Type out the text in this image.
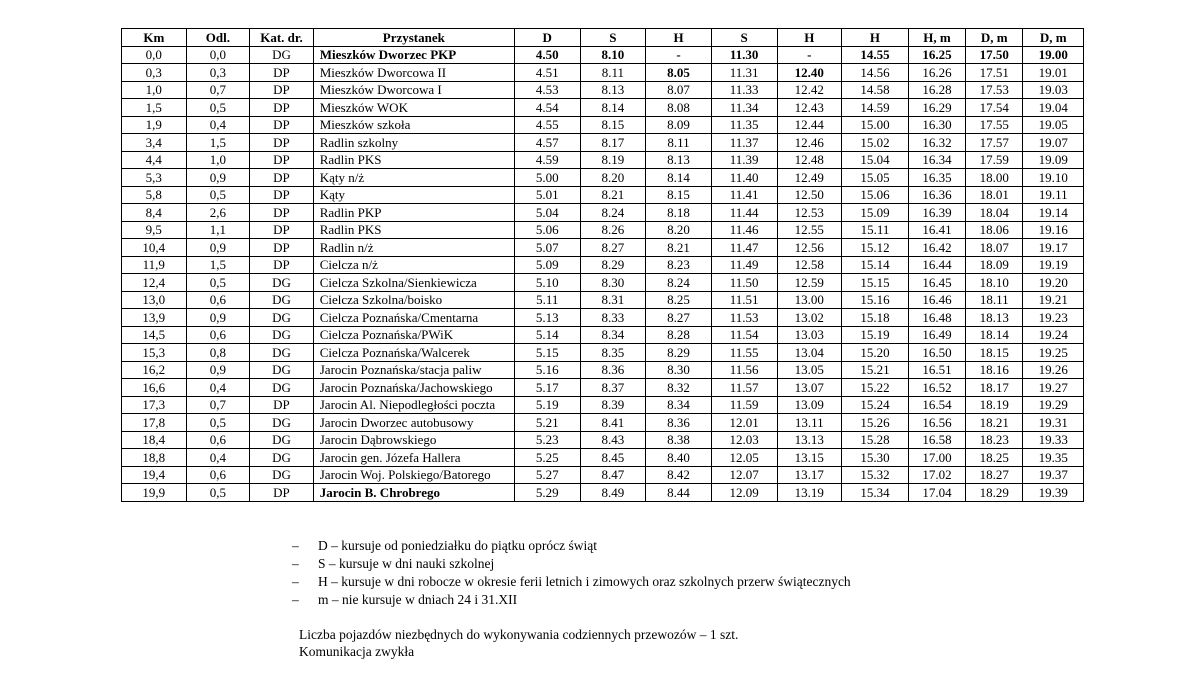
Km	Odl.	Kat. dr.	Przystanek	D	S	H	S	H	H	H, m	D, m	D, m
0,0	0,0	DG	Mieszków Dworzec PKP	4.50	8.10	-	11.30	-	14.55	16.25	17.50	19.00
0,3	0,3	DP	Mieszków Dworcowa II	4.51	8.11	8.05	11.31	12.40	14.56	16.26	17.51	19.01
1,0	0,7	DP	Mieszków Dworcowa I	4.53	8.13	8.07	11.33	12.42	14.58	16.28	17.53	19.03
1,5	0,5	DP	Mieszków WOK	4.54	8.14	8.08	11.34	12.43	14.59	16.29	17.54	19.04
1,9	0,4	DP	Mieszków szkoła	4.55	8.15	8.09	11.35	12.44	15.00	16.30	17.55	19.05
3,4	1,5	DP	Radlin szkolny	4.57	8.17	8.11	11.37	12.46	15.02	16.32	17.57	19.07
4,4	1,0	DP	Radlin PKS	4.59	8.19	8.13	11.39	12.48	15.04	16.34	17.59	19.09
5,3	0,9	DP	Kąty n/ż	5.00	8.20	8.14	11.40	12.49	15.05	16.35	18.00	19.10
5,8	0,5	DP	Kąty	5.01	8.21	8.15	11.41	12.50	15.06	16.36	18.01	19.11
8,4	2,6	DP	Radlin PKP	5.04	8.24	8.18	11.44	12.53	15.09	16.39	18.04	19.14
9,5	1,1	DP	Radlin PKS	5.06	8.26	8.20	11.46	12.55	15.11	16.41	18.06	19.16
10,4	0,9	DP	Radlin n/ż	5.07	8.27	8.21	11.47	12.56	15.12	16.42	18.07	19.17
11,9	1,5	DP	Cielcza n/ż	5.09	8.29	8.23	11.49	12.58	15.14	16.44	18.09	19.19
12,4	0,5	DG	Cielcza Szkolna/Sienkiewicza	5.10	8.30	8.24	11.50	12.59	15.15	16.45	18.10	19.20
13,0	0,6	DG	Cielcza Szkolna/boisko	5.11	8.31	8.25	11.51	13.00	15.16	16.46	18.11	19.21
13,9	0,9	DG	Cielcza Poznańska/Cmentarna	5.13	8.33	8.27	11.53	13.02	15.18	16.48	18.13	19.23
14,5	0,6	DG	Cielcza Poznańska/PWiK	5.14	8.34	8.28	11.54	13.03	15.19	16.49	18.14	19.24
15,3	0,8	DG	Cielcza Poznańska/Walcerek	5.15	8.35	8.29	11.55	13.04	15.20	16.50	18.15	19.25
16,2	0,9	DG	Jarocin Poznańska/stacja paliw	5.16	8.36	8.30	11.56	13.05	15.21	16.51	18.16	19.26
16,6	0,4	DG	Jarocin Poznańska/Jachowskiego	5.17	8.37	8.32	11.57	13.07	15.22	16.52	18.17	19.27
17,3	0,7	DP	Jarocin Al. Niepodległości poczta	5.19	8.39	8.34	11.59	13.09	15.24	16.54	18.19	19.29
17,8	0,5	DG	Jarocin Dworzec autobusowy	5.21	8.41	8.36	12.01	13.11	15.26	16.56	18.21	19.31
18,4	0,6	DG	Jarocin Dąbrowskiego	5.23	8.43	8.38	12.03	13.13	15.28	16.58	18.23	19.33
18,8	0,4	DG	Jarocin gen. Józefa Hallera	5.25	8.45	8.40	12.05	13.15	15.30	17.00	18.25	19.35
19,4	0,6	DG	Jarocin Woj. Polskiego/Batorego	5.27	8.47	8.42	12.07	13.17	15.32	17.02	18.27	19.37
19,9	0,5	DP	Jarocin B. Chrobrego	5.29	8.49	8.44	12.09	13.19	15.34	17.04	18.29	19.39
– D – kursuje od poniedziałku do piątku oprócz świąt
– S – kursuje w dni nauki szkolnej
– H – kursuje w dni robocze w okresie ferii letnich i zimowych oraz szkolnych przerw świątecznych
– m – nie kursuje w dniach 24 i 31.XII
Liczba pojazdów niezbędnych do wykonywania codziennych przewozów – 1 szt.
Komunikacja zwykła
